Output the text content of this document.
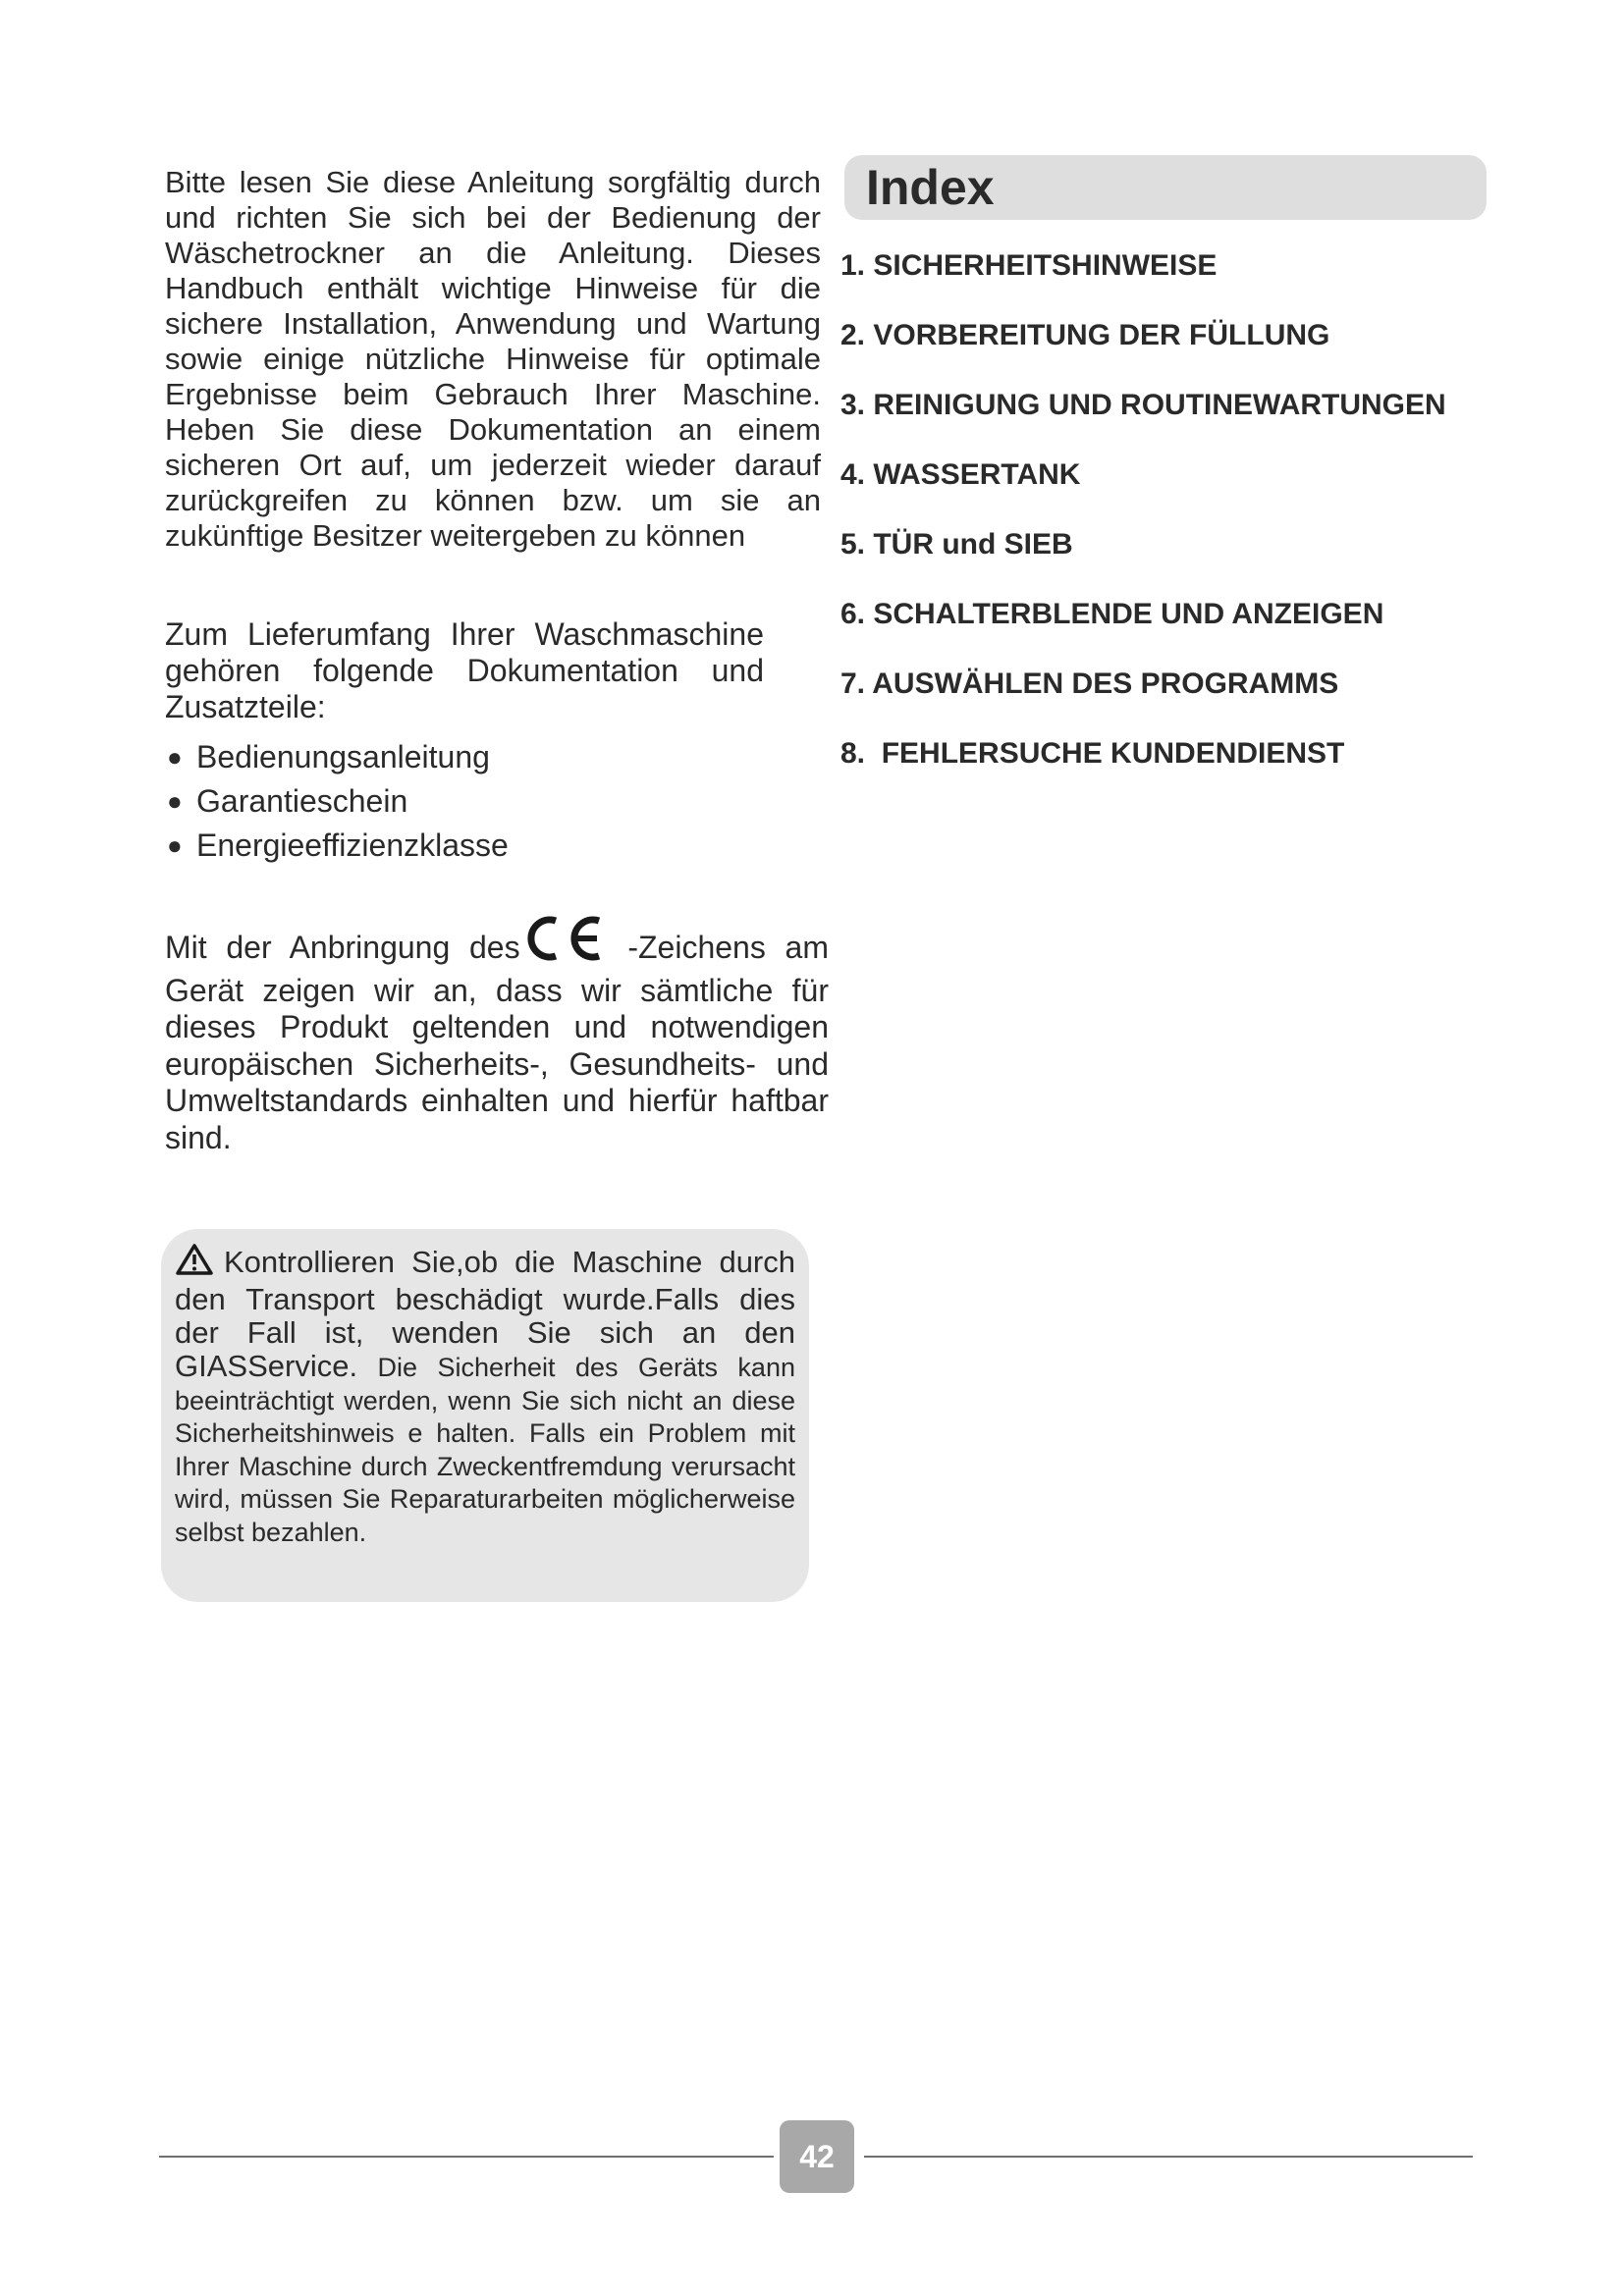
Bitte lesen Sie diese Anleitung sorgfältig durch und richten Sie sich bei der Bedienung der Wäschetrockner an die Anleitung. Dieses Handbuch enthält wichtige Hinweise für die sichere Installation, Anwendung und Wartung sowie einige nützliche Hinweise für optimale Ergebnisse beim Gebrauch Ihrer Maschine. Heben Sie diese Dokumentation an einem sicheren Ort auf, um jederzeit wieder darauf zurückgreifen zu können bzw. um sie an zukünftige Besitzer weitergeben zu können

Zum Lieferumfang Ihrer Waschmaschine gehören folgende Dokumentation und Zusatzteile:

● Bedienungsanleitung
● Garantieschein
● Energieeffizienzklasse

Mit der Anbringung des	-Zeichens am Gerät zeigen wir an, dass wir sämtliche für dieses Produkt geltenden und notwendigen europäischen Sicherheits-, Gesundheits- und Umweltstandards einhalten und hierfür haftbar sind.

Kontrollieren Sie,ob die Maschine durch

den Transport beschädigt wurde.Falls dies

der Fall ist, wenden Sie sich an den

GIASService. Die Sicherheit des Geräts kann beeinträchtigt werden, wenn Sie sich nicht an diese Sicherheitshinweis e halten. Falls ein Problem mit Ihrer Maschine durch Zweckentfremdung verursacht wird, müssen Sie Reparaturarbeiten möglicherweise selbst bezahlen.

Index
1. SICHERHEITSHINWEISE
2. VORBEREITUNG DER FÜLLUNG
3. REINIGUNG UND ROUTINEWARTUNGEN
4. WASSERTANK
5. TÜR und SIEB
6. SCHALTERBLENDE UND ANZEIGEN
7. AUSWÄHLEN DES PROGRAMMS
8.  FEHLERSUCHE KUNDENDIENST
42
